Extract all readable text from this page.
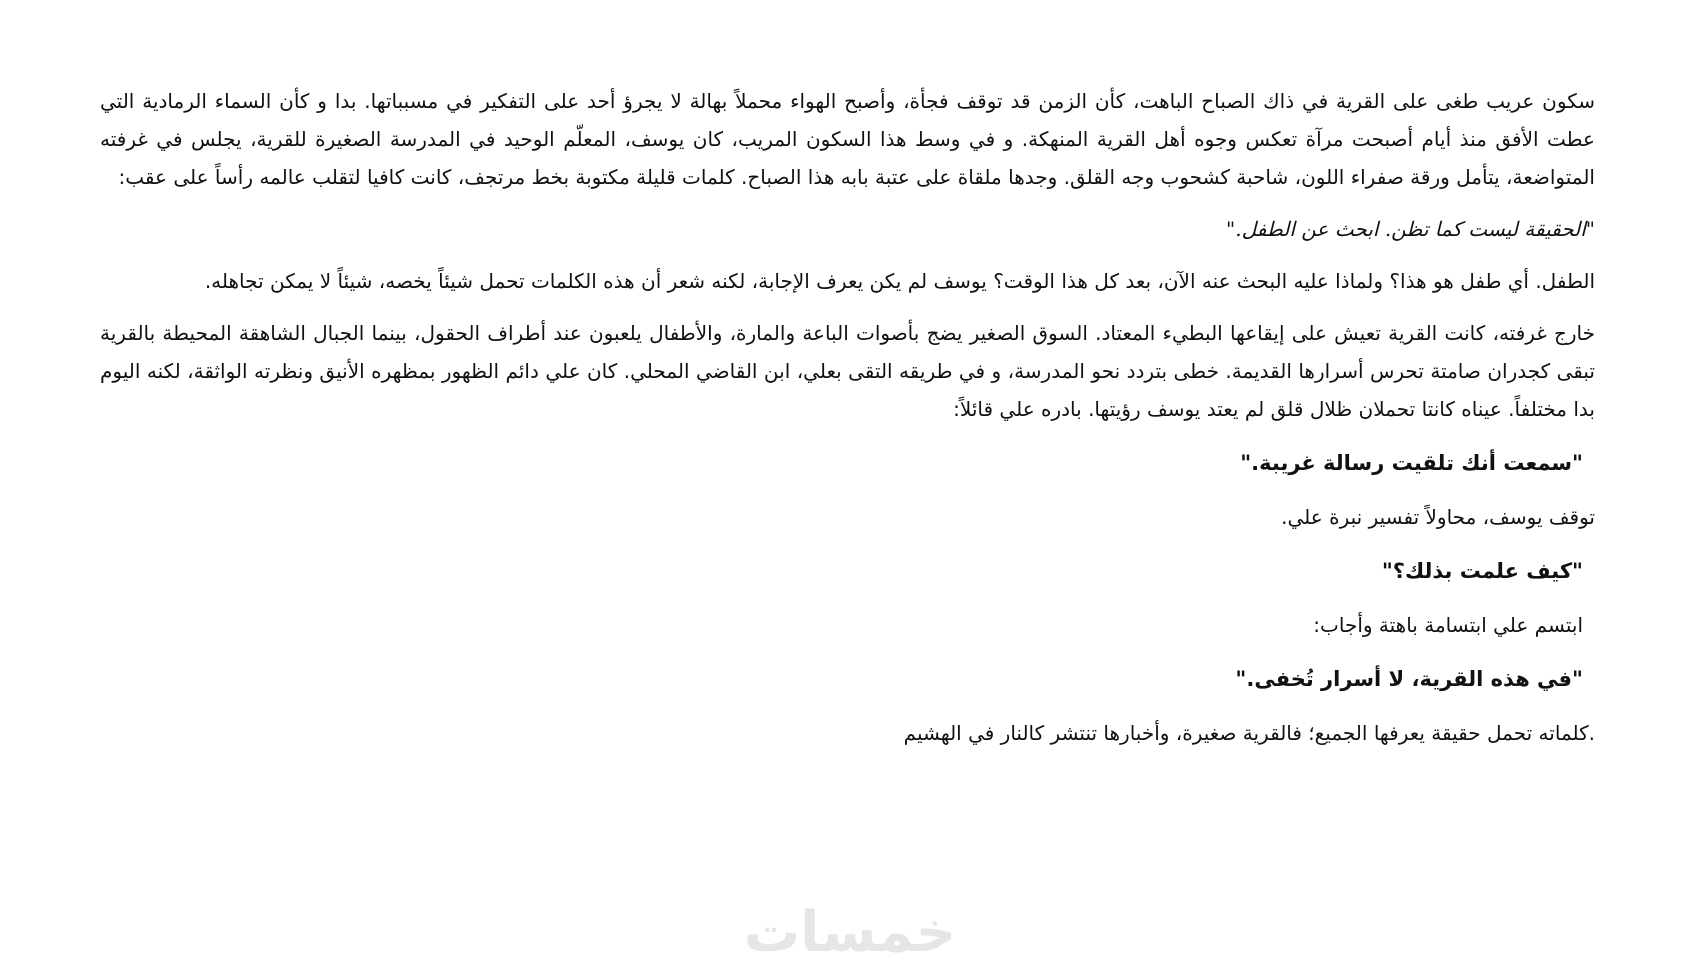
سكون عريب طغى على القرية في ذاك الصباح الباهت، كأن الزمن قد توقف فجأة، وأصبح الهواء محملاً بهالة لا يجرؤ أحد على التفكير في مسبباتها. بدا و كأن السماء الرمادية التي عطت الأفق منذ أيام أصبحت مرآة تعكس وجوه أهل القرية المنهكة. و في وسط هذا السكون المريب، كان يوسف، المعلّم الوحيد في المدرسة الصغيرة للقرية، يجلس في غرفته المتواضعة، يتأمل ورقة صفراء اللون، شاحبة كشحوب وجه القلق. وجدها ملقاة على عتبة بابه هذا الصباح. كلمات قليلة مكتوبة بخط مرتجف، كانت كافيا لتقلب عالمه رأساً على عقب:

"الحقيقة ليست كما تظن. ابحث عن الطفل."

الطفل. أي طفل هو هذا؟ ولماذا عليه البحث عنه الآن، بعد كل هذا الوقت؟ يوسف لم يكن يعرف الإجابة، لكنه شعر أن هذه الكلمات تحمل شيئاً يخصه، شيئاً لا يمكن تجاهله.

خارج غرفته، كانت القرية تعيش على إيقاعها البطيء المعتاد. السوق الصغير يضج بأصوات الباعة والمارة، والأطفال يلعبون عند أطراف الحقول، بينما الجبال الشاهقة المحيطة بالقرية تبقى كجدران صامتة تحرس أسرارها القديمة. خطى بتردد نحو المدرسة، و في طريقه التقى بعلي، ابن القاضي المحلي. كان علي دائم الظهور بمظهره الأنيق ونظرته الواثقة، لكنه اليوم بدا مختلفاً. عيناه كانتا تحملان ظلال قلق لم يعتد يوسف رؤيتها. بادره علي قائلاً:

"سمعت أنك تلقيت رسالة غريبة."

توقف يوسف، محاولاً تفسير نبرة علي.

"كيف علمت بذلك؟"

ابتسم علي ابتسامة باهتة وأجاب:

"في هذه القرية، لا أسرار تُخفى."

.كلماته تحمل حقيقة يعرفها الجميع؛ فالقرية صغيرة، وأخبارها تنتشر كالنار في الهشيم

خمسات
